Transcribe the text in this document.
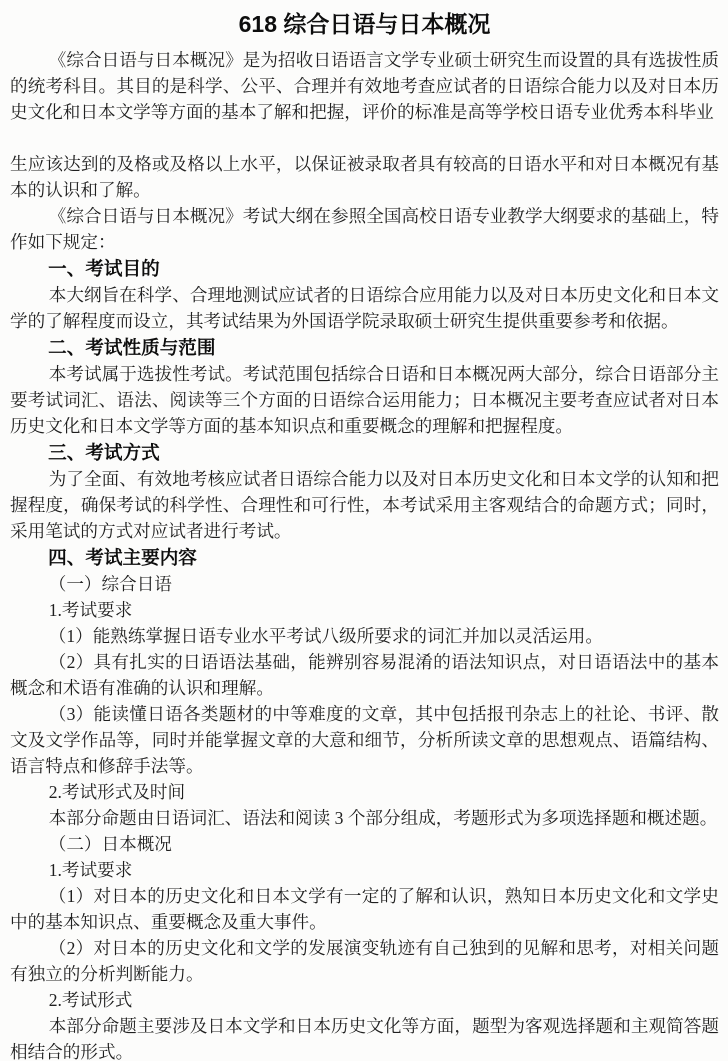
618 综合日语与日本概况
《综合日语与日本概况》是为招收日语语言文学专业硕士研究生而设置的具有选拔性质的统考科目。其目的是科学、公平、合理并有效地考查应试者的日语综合能力以及对日本历史文化和日本文学等方面的基本了解和把握，评价的标准是高等学校日语专业优秀本科毕业
生应该达到的及格或及格以上水平，以保证被录取者具有较高的日语水平和对日本概况有基本的认识和了解。
《综合日语与日本概况》考试大纲在参照全国高校日语专业教学大纲要求的基础上，特作如下规定：
一、考试目的
本大纲旨在科学、合理地测试应试者的日语综合应用能力以及对日本历史文化和日本文学的了解程度而设立，其考试结果为外国语学院录取硕士研究生提供重要参考和依据。
二、考试性质与范围
本考试属于选拔性考试。考试范围包括综合日语和日本概况两大部分，综合日语部分主要考试词汇、语法、阅读等三个方面的日语综合运用能力；日本概况主要考查应试者对日本历史文化和日本文学等方面的基本知识点和重要概念的理解和把握程度。
三、考试方式
为了全面、有效地考核应试者日语综合能力以及对日本历史文化和日本文学的认知和把握程度，确保考试的科学性、合理性和可行性，本考试采用主客观结合的命题方式；同时，采用笔试的方式对应试者进行考试。
四、考试主要内容
（一）综合日语
1.考试要求
（1）能熟练掌握日语专业水平考试八级所要求的词汇并加以灵活运用。
（2）具有扎实的日语语法基础，能辨别容易混淆的语法知识点，对日语语法中的基本概念和术语有准确的认识和理解。
（3）能读懂日语各类题材的中等难度的文章，其中包括报刊杂志上的社论、书评、散文及文学作品等，同时并能掌握文章的大意和细节，分析所读文章的思想观点、语篇结构、语言特点和修辞手法等。
2.考试形式及时间
本部分命题由日语词汇、语法和阅读 3 个部分组成，考题形式为多项选择题和概述题。
（二）日本概况
1.考试要求
（1）对日本的历史文化和日本文学有一定的了解和认识，熟知日本历史文化和文学史中的基本知识点、重要概念及重大事件。
（2）对日本的历史文化和文学的发展演变轨迹有自己独到的见解和思考，对相关问题有独立的分析判断能力。
2.考试形式
本部分命题主要涉及日本文学和日本历史文化等方面，题型为客观选择题和主观简答题相结合的形式。
